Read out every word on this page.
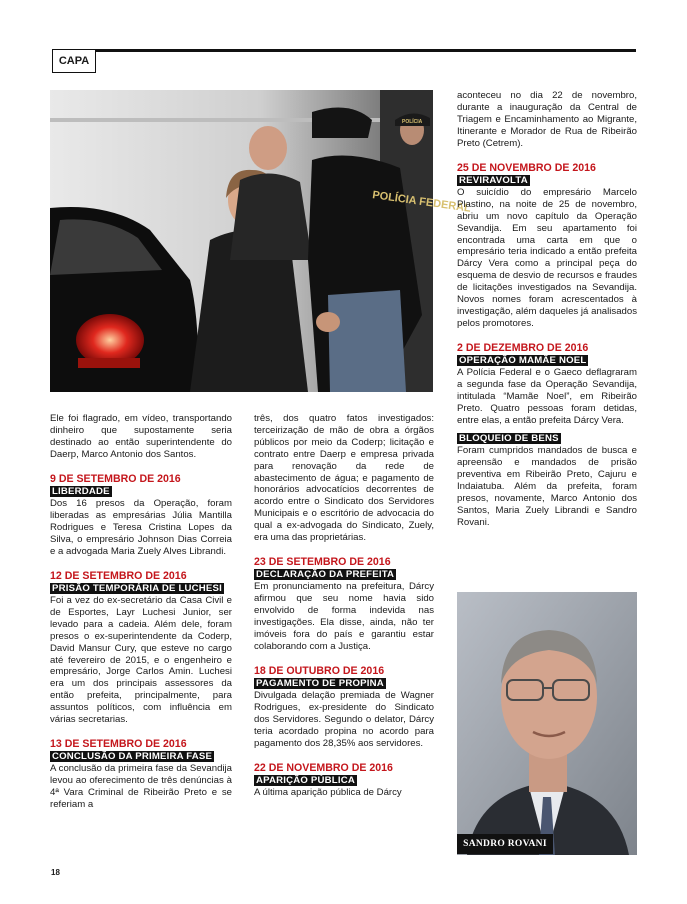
CAPA
POLÍCIA FEDERAL
POLÍCIA

Ele foi flagrado, em vídeo, transportando dinheiro que supostamente seria destinado ao então superintendente do Daerp, Marco Antonio dos Santos.

9 DE SETEMBRO DE 2016

LIBERDADE

Dos 16 presos da Operação, foram liberadas as empresárias Júlia Mantilla Rodrigues e Teresa Cristina Lopes da Silva, o empresário Johnson Dias Correia e a advogada Maria Zuely Alves Librandi.

12 DE SETEMBRO DE 2016

PRISÃO TEMPORÁRIA DE LUCHESI

Foi a vez do ex-secretário da Casa Civil e de Esportes, Layr Luchesi Junior, ser levado para a cadeia. Além dele, foram presos o ex-superintendente da Coderp, David Mansur Cury, que esteve no cargo até fevereiro de 2015, e o engenheiro e empresário, Jorge Carlos Amin. Luchesi era um dos principais assessores da então prefeita, principalmente, para assuntos políticos, com influência em várias secretarias.

13 DE SETEMBRO DE 2016

CONCLUSÃO DA PRIMEIRA FASE

A conclusão da primeira fase da Sevandija levou ao oferecimento de três denúncias à 4ª Vara Criminal de Ribeirão Preto e se referiam a

três, dos quatro fatos investigados: terceirização de mão de obra a órgãos públicos por meio da Coderp; licitação e contrato entre Daerp e empresa privada para renovação da rede de abastecimento de água; e pagamento de honorários advocatícios decorrentes de acordo entre o Sindicato dos Servidores Municipais e o escritório de advocacia do qual a ex-advogada do Sindicato, Zuely, era uma das proprietárias.

23 DE SETEMBRO DE 2016

DECLARAÇÃO DA PREFEITA

Em pronunciamento na prefeitura, Dárcy afirmou que seu nome havia sido envolvido de forma indevida nas investigações. Ela disse, ainda, não ter imóveis fora do país e garantiu estar colaborando com a Justiça.

18 DE OUTUBRO DE 2016

PAGAMENTO DE PROPINA

Divulgada delação premiada de Wagner Rodrigues, ex-presidente do Sindicato dos Servidores. Segundo o delator, Dárcy teria acordado propina no acordo para pagamento dos 28,35% aos servidores.

22 DE NOVEMBRO DE 2016

APARIÇÃO PÚBLICA

A última aparição pública de Dárcy

aconteceu no dia 22 de novembro, durante a inauguração da Central de Triagem e Encaminhamento ao Migrante, Itinerante e Morador de Rua de Ribeirão Preto (Cetrem).

25 DE NOVEMBRO DE 2016

REVIRAVOLTA

O suicídio do empresário Marcelo Plastino, na noite de 25 de novembro, abriu um novo capítulo da Operação Sevandija. Em seu apartamento foi encontrada uma carta em que o empresário teria indicado a então prefeita Dárcy Vera como a principal peça do esquema de desvio de recursos e fraudes de licitações investigados na Sevandija. Novos nomes foram acrescentados à investigação, além daqueles já analisados pelos promotores.

2 DE DEZEMBRO DE 2016

OPERAÇÃO MAMÃE NOEL

A Polícia Federal e o Gaeco deflagraram a segunda fase da Operação Sevandija, intitulada “Mamãe Noel”, em Ribeirão Preto. Quatro pessoas foram detidas, entre elas, a então prefeita Dárcy Vera.

BLOQUEIO DE BENS

Foram cumpridos mandados de busca e apreensão e mandados de prisão preventiva em Ribeirão Preto, Cajuru e Indaiatuba. Além da prefeita, foram presos, novamente, Marco Antonio dos Santos, Maria Zuely Librandi e Sandro Rovani.

SANDRO ROVANI
18
